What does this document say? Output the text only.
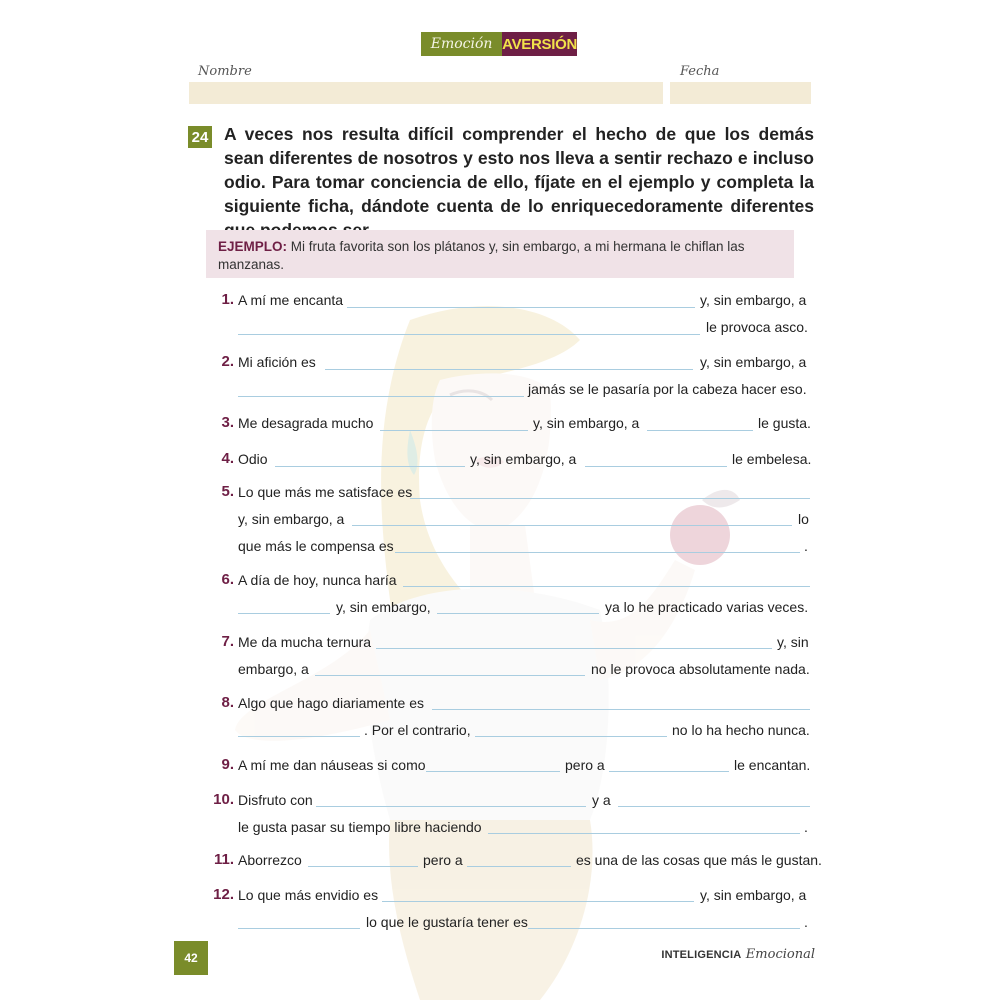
Emoción AVERSIÓN
Nombre	Fecha
24 A veces nos resulta difícil comprender el hecho de que los demás sean diferentes de nosotros y esto nos lleva a sentir rechazo e incluso odio. Para tomar conciencia de ello, fíjate en el ejemplo y completa la siguiente ficha, dándote cuenta de lo enriquecedoramente diferentes
EJEMPLO: Mi fruta favorita son los plátanos y, sin embargo, a mi hermana le chiflan las manzanas.
1. A mí me encanta	y, sin embargo, a
le provoca asco.
2. Mi afición es	y, sin embargo, a
jamás se le pasaría por la cabeza hacer eso.
3. Me desagrada mucho	y, sin embargo, a	le gusta.
4. Odio	y, sin embargo, a	le embelesa.
5. Lo que más me satisface es
y, sin embargo, a	lo
que más le compensa es	.
6. A día de hoy, nunca haría
y, sin embargo,	ya lo he practicado varias veces.
7. Me da mucha ternura	y, sin
embargo, a	no le provoca absolutamente nada.
8. Algo que hago diariamente es
. Por el contrario,	no lo ha hecho nunca.
9. A mí me dan náuseas si como	pero a	le encantan.
10. Disfruto con	y a
le gusta pasar su tiempo libre haciendo	.
11. Aborrezco	pero a	es una de las cosas que más le gustan.
12. Lo que más envidio es	y, sin embargo, a
lo que le gustaría tener es	.
42	INTELIGENCIA Emocional
